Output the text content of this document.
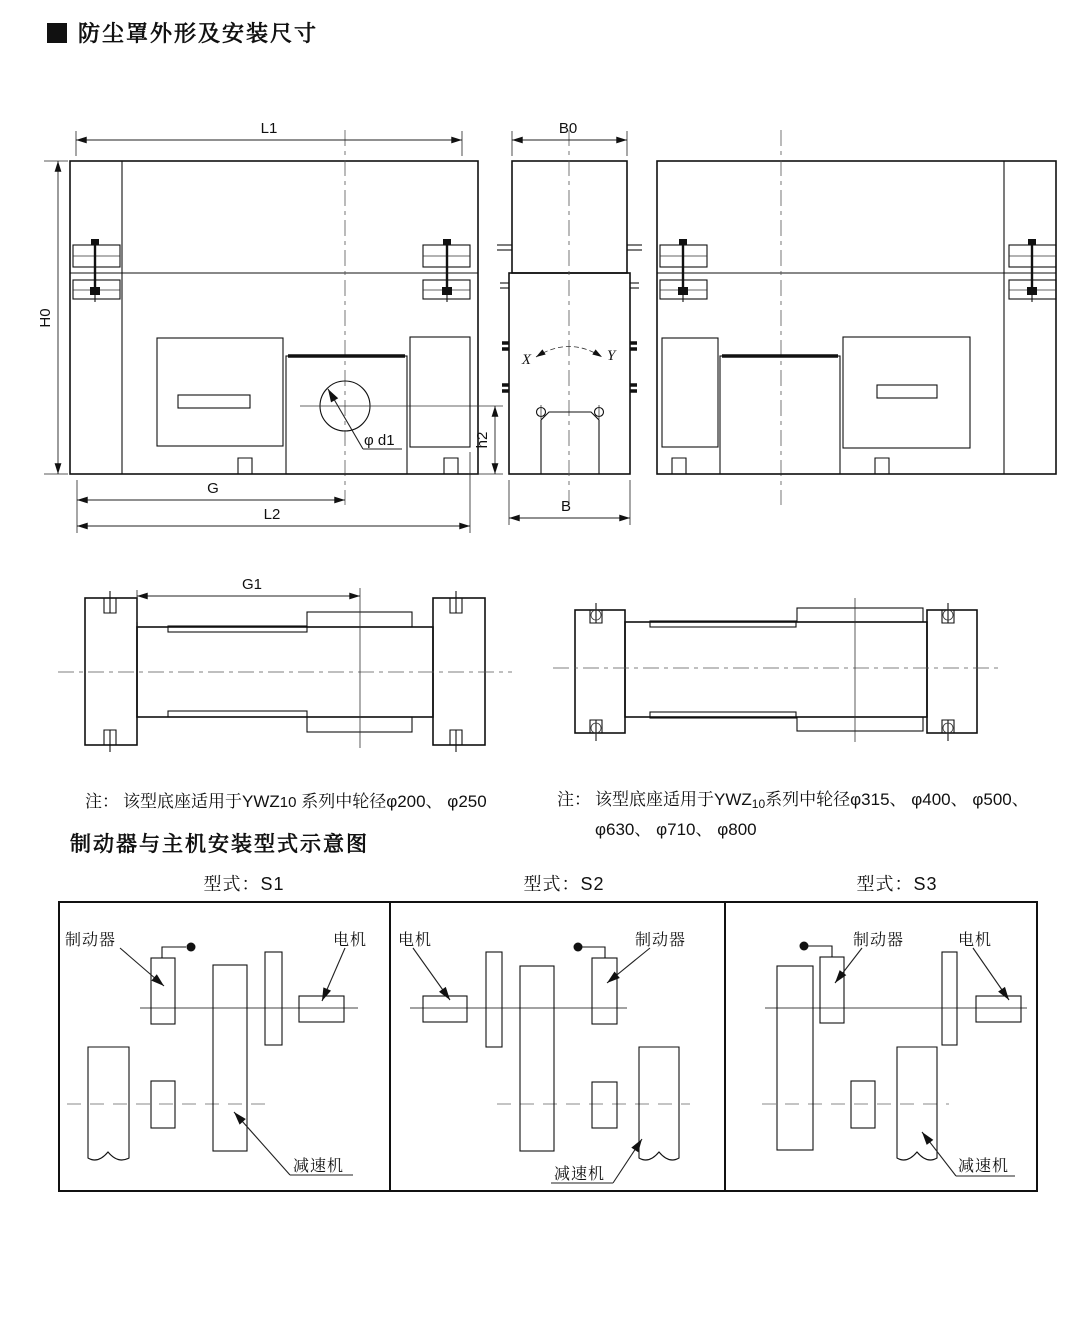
防尘罩外形及安装尺寸
X	Y
L1
H0
G
L2
h2
φ d1
B0
B
G1
制动器	电机
减速机
电机	制动器
减速机
制动器	电机
减速机
注： 该型底座适用于YWZ10 系列中轮径φ200、 φ250	注： 该型底座适用于$YWZ_{10}$系列中轮径φ315、 φ400、 φ500、
φ630、 φ710、 φ800
制动器与主机安装型式示意图
型式：S1	型式：S2	型式：S3
